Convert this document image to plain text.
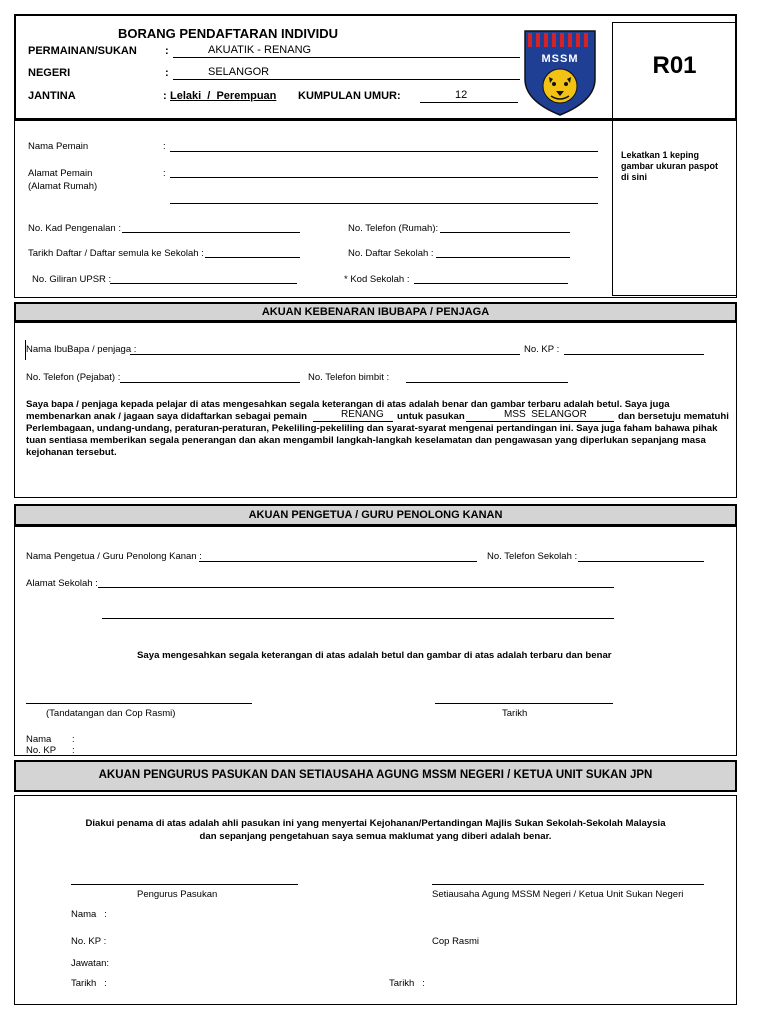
R01
BORANG PENDAFTARAN INDIVIDU
PERMAINAN/SUKAN	:	AKUATIK - RENANG
NEGERI	:	SELANGOR
JANTINA	: Lelaki  /  Perempuan KUMPULAN UMUR:	12
MSSM
Lekatkan 1 keping gambar ukuran paspot di sini
Nama Pemain	:
Alamat Pemain
(Alamat Rumah)
:
No. Kad Pengenalan :	No. Telefon (Rumah):
Tarikh Daftar / Daftar semula ke Sekolah :	No. Daftar Sekolah :
No. Giliran UPSR :	* Kod Sekolah :
AKUAN KEBENARAN IBUBAPA / PENJAGA
Nama IbuBapa / penjaga :	No. KP :
No. Telefon (Pejabat) :	No. Telefon bimbit :
Saya bapa / penjaga kepada pelajar di atas mengesahkan segala keterangan di atas adalah benar dan gambar terbaru adalah betul. Saya juga
membenarkan anak / jagaan saya didaftarkan sebagai pemain	RENANG untuk pasukan	MSS  SELANGOR	dan bersetuju mematuhi
Perlembagaan, undang-undang, peraturan-peraturan, Pekeliling-pekeliling dan syarat-syarat mengenai pertandingan ini. Saya juga faham bahawa pihak
tuan sentiasa memberikan segala penerangan dan akan mengambil langkah-langkah keselamatan dan pengawasan yang diperlukan sepanjang masa
kejohanan tersebut.
AKUAN PENGETUA / GURU PENOLONG KANAN
Nama Pengetua / Guru Penolong Kanan :	No. Telefon Sekolah :
Alamat Sekolah :
Saya mengesahkan segala keterangan di atas adalah betul dan gambar di atas adalah terbaru dan benar
(Tandatangan dan Cop Rasmi)	Tarikh
Nama :
No. KP :
AKUAN PENGURUS PASUKAN DAN SETIAUSAHA AGUNG MSSM NEGERI / KETUA UNIT SUKAN JPN
Diakui penama di atas adalah ahli pasukan ini yang menyertai Kejohanan/Pertandingan Majlis Sukan Sekolah-Sekolah Malaysia
dan sepanjang pengetahuan saya semua maklumat yang diberi adalah benar.
Pengurus Pasukan	Setiausaha Agung MSSM Negeri / Ketua Unit Sukan Negeri
Nama   :
No. KP :	Cop Rasmi
Jawatan:
Tarikh   :	Tarikh   :
